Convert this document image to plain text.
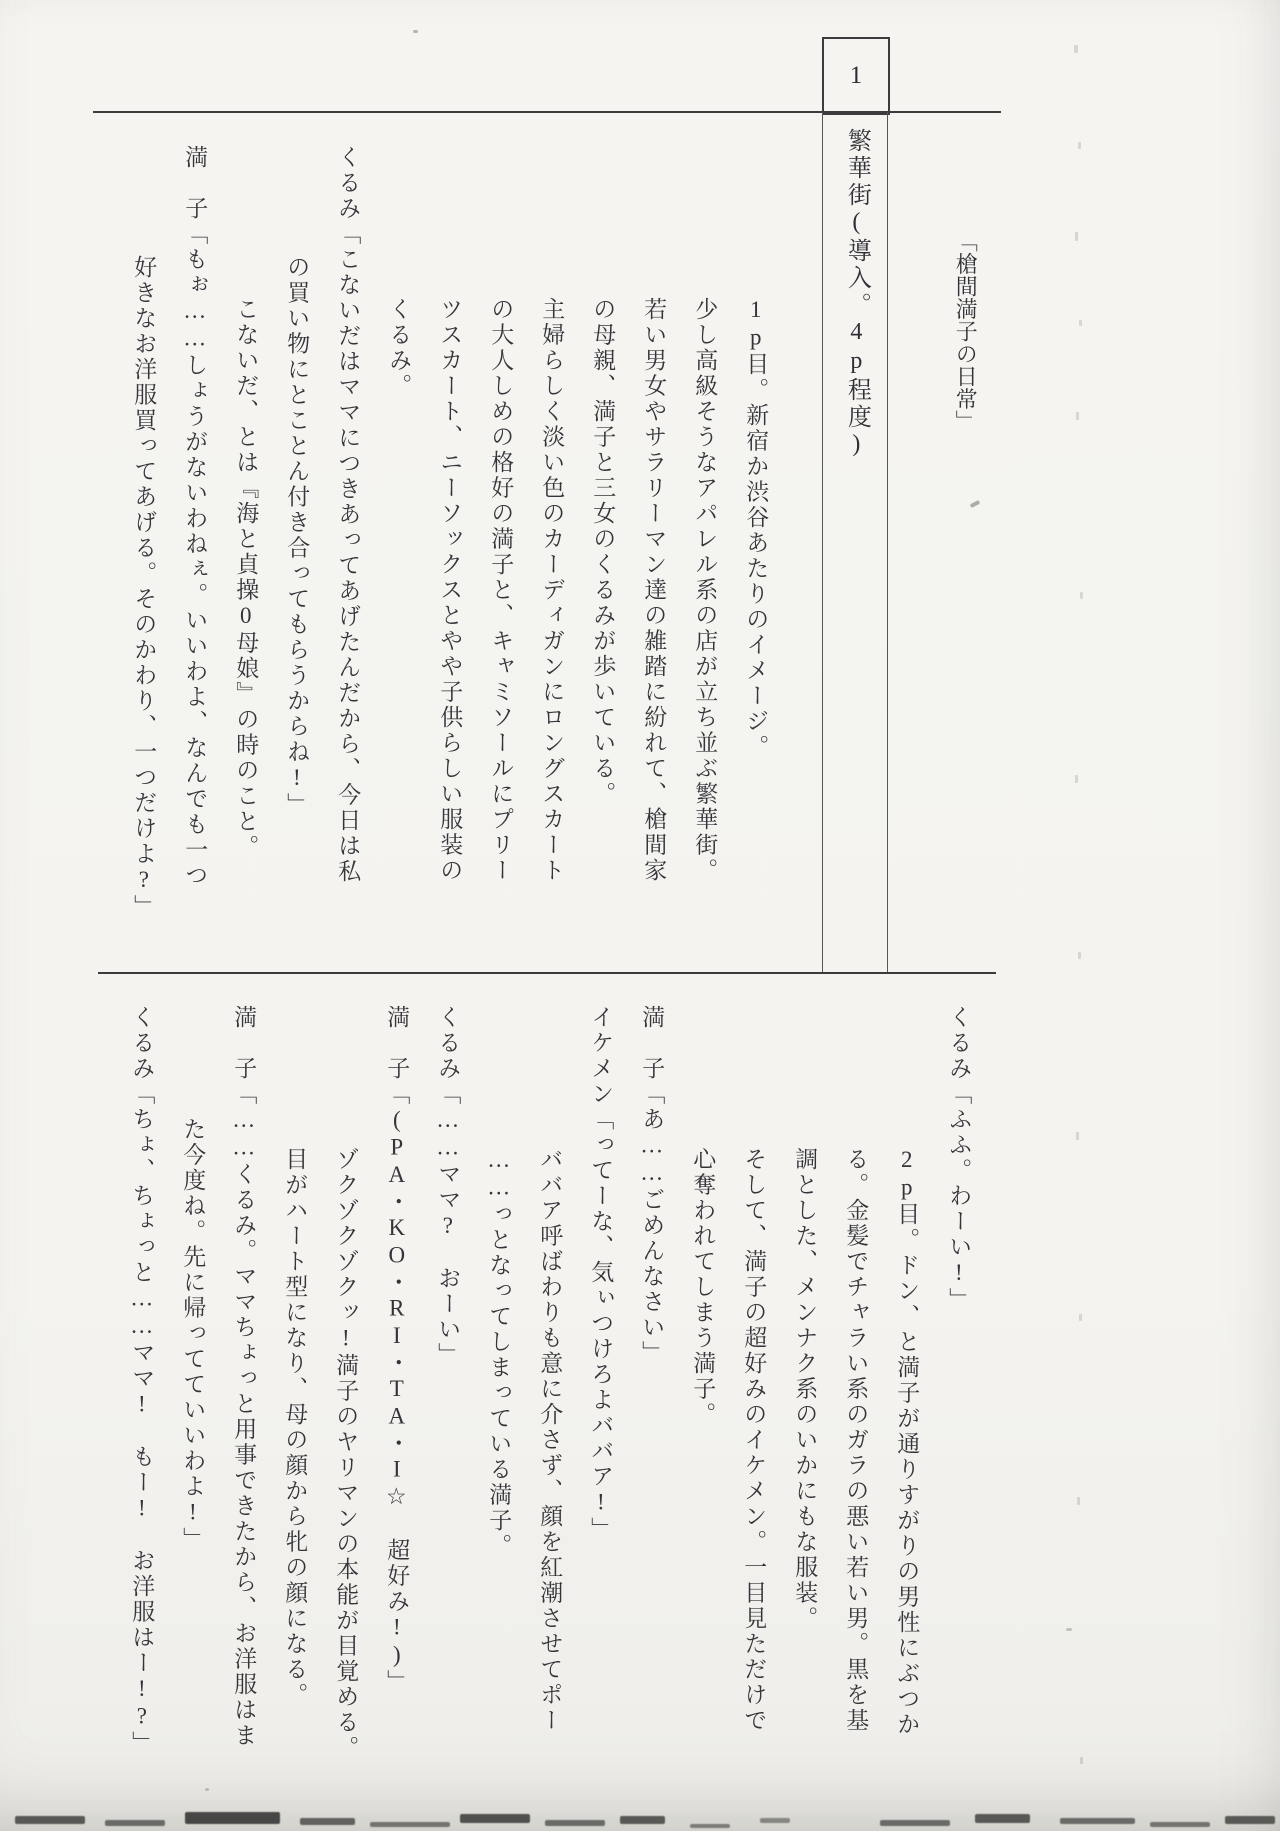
1
「槍間満子の日常」
繁華街(導入。4p程度)
1p目。新宿か渋谷あたりのイメージ。
少し高級そうなアパレル系の店が立ち並ぶ繁華街。
若い男女やサラリーマン達の雑踏に紛れて、槍間家
の母親、満子と三女のくるみが歩いている。
主婦らしく淡い色のカーディガンにロングスカート
の大人しめの格好の満子と、キャミソールにプリー
ツスカート、ニーソックスとやや子供らしい服装の
くるみ。
くるみ「こないだはママにつきあってあげたんだから、今日は私
の買い物にとことん付き合ってもらうからね!」
こないだ、とは『海と貞操0母娘』の時のこと。
満　子「もぉ……しょうがないわねぇ。いいわよ、なんでも一つ
好きなお洋服買ってあげる。そのかわり、一つだけよ?」
くるみ「ふふ。わーい!」
2p目。ドン、と満子が通りすがりの男性にぶつか
る。金髪でチャラい系のガラの悪い若い男。黒を基
調とした、メンナク系のいかにもな服装。
そして、満子の超好みのイケメン。一目見ただけで
心奪われてしまう満子。
満　子「あ……ごめんなさい」
イケメン「ってーな、気ぃつけろよババア!」
ババア呼ばわりも意に介さず、顔を紅潮させてポー
……っとなってしまっている満子。
くるみ「……ママ?　おーい」
満　子「(PA・KO・RI・TA・I☆　超好み!)」
ゾクゾクゾクッ!満子のヤリマンの本能が目覚める。
目がハート型になり、母の顔から牝の顔になる。
満　子「……くるみ。ママちょっと用事できたから、お洋服はま
た今度ね。先に帰ってていいわよ!」
くるみ「ちょ、ちょっと……ママ!　もー!　お洋服はー!?」
